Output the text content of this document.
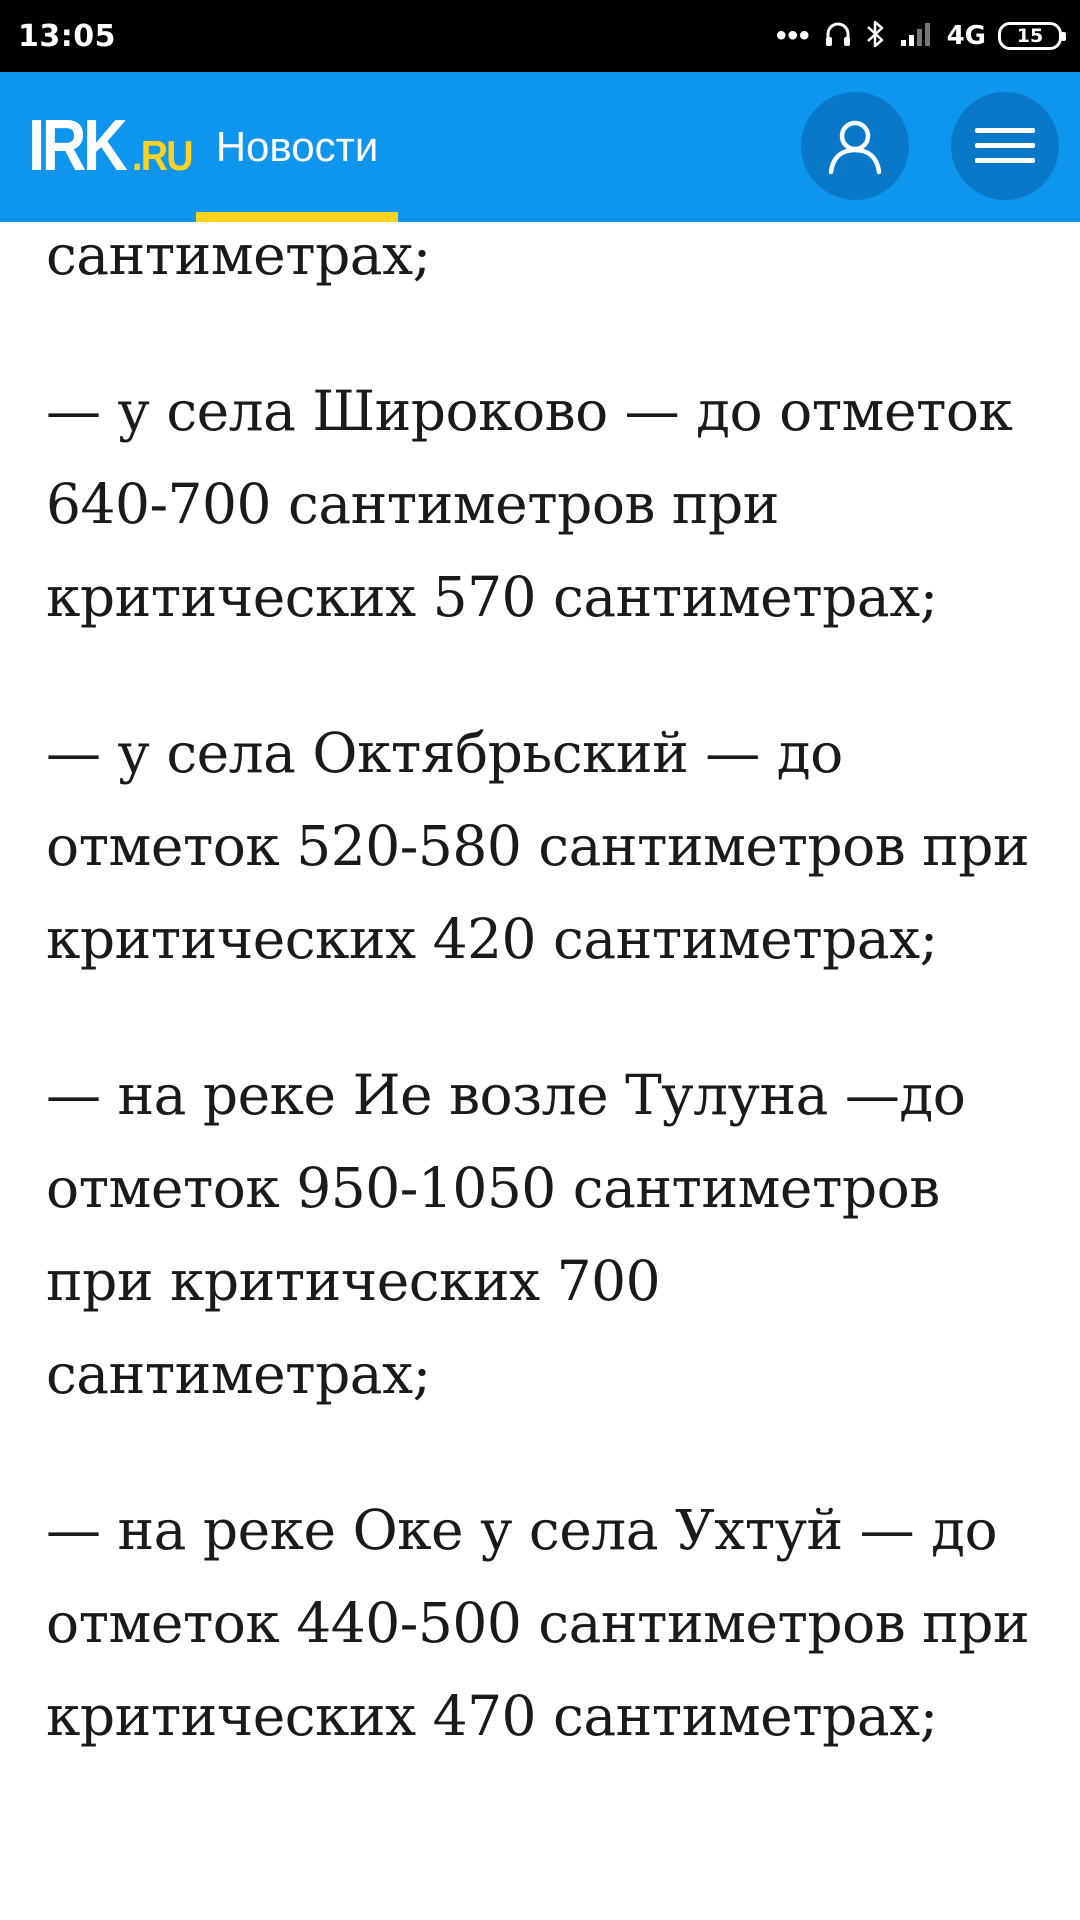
13:05	•••	4G 15
IRK .RU Новости

сантиметрах;

— у села Широково — до отметок 640-700 сантиметров при критических 570 сантиметрах;

— у села Октябрьский — до отметок 520-580 сантиметров при критических 420 сантиметрах;

— на реке Ие возле Тулуна —до отметок 950-1050 сантиметров при критических 700 сантиметрах;

— на реке Оке у села Ухтуй — до отметок 440-500 сантиметров при критических 470 сантиметрах;
